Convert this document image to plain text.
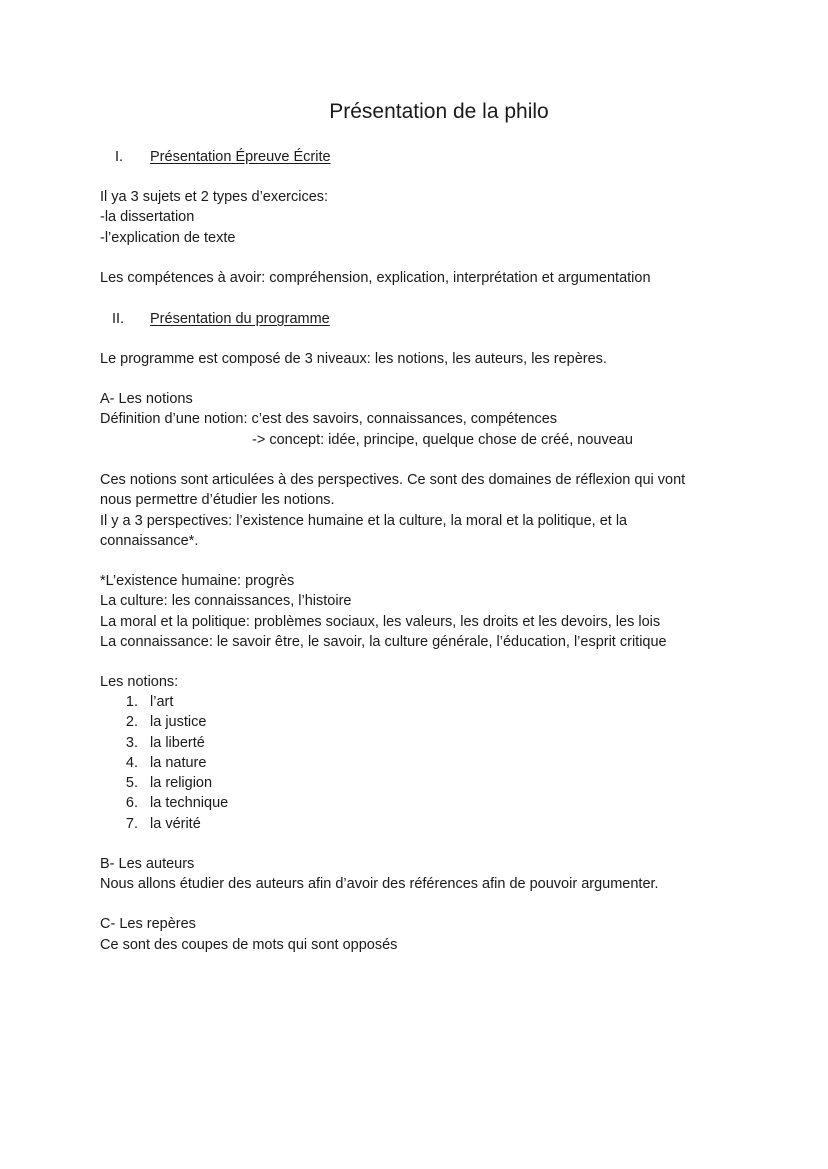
Présentation de la philo
I. Présentation Épreuve Écrite
Il ya 3 sujets et 2 types d’exercices:
-la dissertation
-l’explication de texte
Les compétences à avoir: compréhension, explication, interprétation et argumentation
II. Présentation du programme
Le programme est composé de 3 niveaux: les notions, les auteurs, les repères.
A- Les notions
Définition d’une notion: c’est des savoirs, connaissances, compétences
-> concept: idée, principe, quelque chose de créé, nouveau
Ces notions sont articulées à des perspectives. Ce sont des domaines de réflexion qui vont
nous permettre d’étudier les notions.
Il y a 3 perspectives: l’existence humaine et la culture, la moral et la politique, et la
connaissance*.
*L’existence humaine: progrès
La culture: les connaissances, l’histoire
La moral et la politique: problèmes sociaux, les valeurs, les droits et les devoirs, les lois
La connaissance: le savoir être, le savoir, la culture générale, l’éducation, l’esprit critique
Les notions:
1. l’art
2. la justice
3. la liberté
4. la nature
5. la religion
6. la technique
7. la vérité
B- Les auteurs
Nous allons étudier des auteurs afin d’avoir des références afin de pouvoir argumenter.
C- Les repères
Ce sont des coupes de mots qui sont opposés
